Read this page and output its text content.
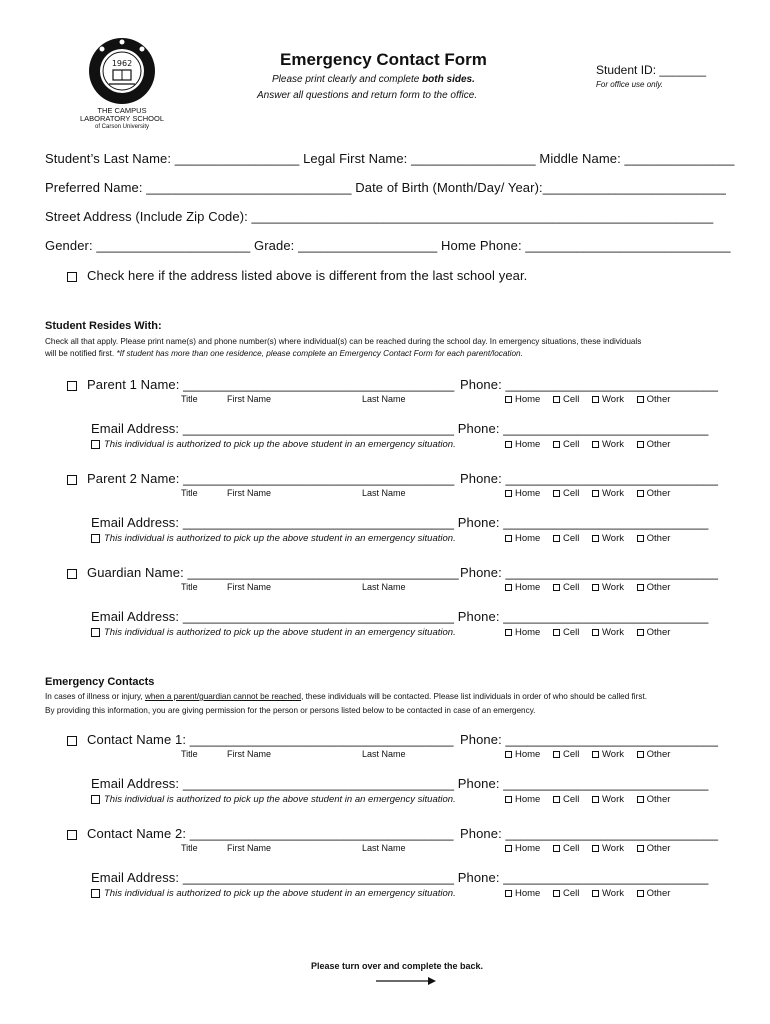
1962
THE CAMPUS
LABORATORY SCHOOL
of Carson University
Emergency Contact Form
Please print clearly and complete both sides.
Answer all questions and return form to the office.
Student ID: _______
For office use only.
Student’s Last Name: _________________ Legal First Name: _________________ Middle Name: _______________
Preferred Name: ____________________________ Date of Birth (Month/Day/ Year):_________________________
Street Address (Include Zip Code): _______________________________________________________________
Gender: _____________________ Grade: ___________________ Home Phone: ____________________________
Check here if the address listed above is different from the last school year.
Student Resides With:
Check all that apply. Please print name(s) and phone number(s) where individual(s) can be reached during the school day. In emergency situations, these individuals
will be notified first. *If student has more than one residence, please complete an Emergency Contact Form for each parent/location.
Parent 1 Name: _____________________________________ Phone: _____________________________
Title	First Name	Last Name	Home Cell Work Other
Email Address: _____________________________________ Phone: ____________________________
This individual is authorized to pick up the above student in an emergency situation.	Home Cell Work Other
Parent 2 Name: _____________________________________ Phone: _____________________________
Title	First Name	Last Name	Home Cell Work Other
Email Address: _____________________________________ Phone: ____________________________
This individual is authorized to pick up the above student in an emergency situation.	Home Cell Work Other
Guardian Name: _____________________________________ Phone: _____________________________
Title	First Name	Last Name	Home Cell Work Other
Email Address: _____________________________________ Phone: ____________________________
This individual is authorized to pick up the above student in an emergency situation.	Home Cell Work Other
Emergency Contacts
In cases of illness or injury, when a parent/guardian cannot be reached, these individuals will be contacted. Please list individuals in order of who should be called first.
By providing this information, you are giving permission for the person or persons listed below to be contacted in case of an emergency.
Contact Name 1: ____________________________________ Phone: _____________________________
Title	First Name	Last Name	Home Cell Work Other
Email Address: _____________________________________ Phone: ____________________________
This individual is authorized to pick up the above student in an emergency situation.	Home Cell Work Other
Contact Name 2: ____________________________________ Phone: _____________________________
Title	First Name	Last Name	Home Cell Work Other
Email Address: _____________________________________ Phone: ____________________________
This individual is authorized to pick up the above student in an emergency situation.	Home Cell Work Other
Please turn over and complete the back.
